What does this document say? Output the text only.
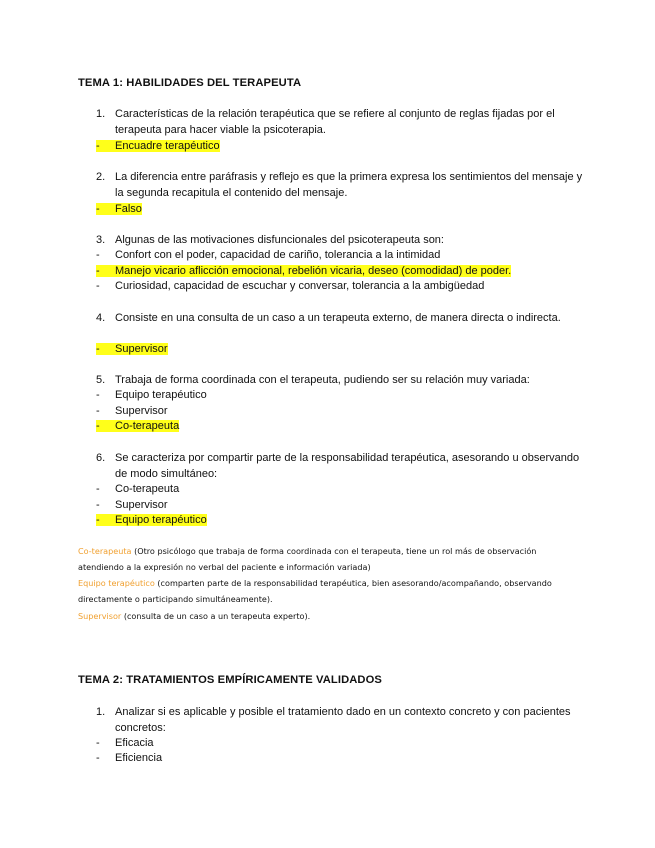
TEMA 1: HABILIDADES DEL TERAPEUTA
1. Características de la relación terapéutica que se refiere al conjunto de reglas fijadas por el terapeuta para hacer viable la psicoterapia.
- Encuadre terapéutico
2. La diferencia entre paráfrasis y reflejo es que la primera expresa los sentimientos del mensaje y la segunda recapitula el contenido del mensaje.
- Falso
3. Algunas de las motivaciones disfuncionales del psicoterapeuta son:
- Confort con el poder, capacidad de cariño, tolerancia a la intimidad
- Manejo vicario aflicción emocional, rebelión vicaria, deseo (comodidad) de poder.
- Curiosidad, capacidad de escuchar y conversar, tolerancia a la ambigüedad
4. Consiste en una consulta de un caso a un terapeuta externo, de manera directa o indirecta.
- Supervisor
5. Trabaja de forma coordinada con el terapeuta, pudiendo ser su relación muy variada:
- Equipo terapéutico
- Supervisor
- Co-terapeuta
6. Se caracteriza por compartir parte de la responsabilidad terapéutica, asesorando u observando de modo simultáneo:
- Co-terapeuta
- Supervisor
- Equipo terapéutico
Co-terapeuta (Otro psicólogo que trabaja de forma coordinada con el terapeuta, tiene un rol más de observación atendiendo a la expresión no verbal del paciente e información variada)
Equipo terapéutico (comparten parte de la responsabilidad terapéutica, bien asesorando/acompañando, observando directamente o participando simultáneamente).
Supervisor (consulta de un caso a un terapeuta experto).
TEMA 2: TRATAMIENTOS EMPÍRICAMENTE VALIDADOS
1. Analizar si es aplicable y posible el tratamiento dado en un contexto concreto y con pacientes concretos:
- Eficacia
- Eficiencia
